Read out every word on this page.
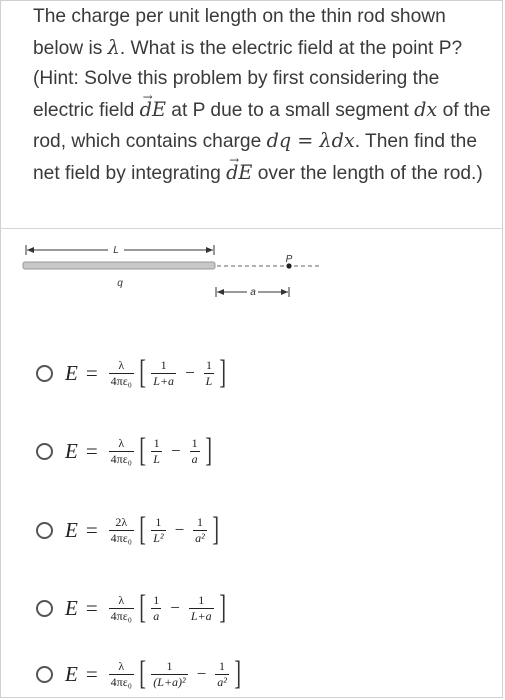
The charge per unit length on the thin rod shown below is λ. What is the electric field at the point P? (Hint: Solve this problem by first considering the electric field → dE at P due to a small segment dx of the rod, which contains charge dq = λdx. Then find the net field by integrating → dE over the length of the rod.)
L
P
q
a
$E = \frac{\lambda}{\text{4πε₀}}$ [ $\frac{1}{L+a} - \frac{1}{L}$ ]
$E = \frac{\lambda}{\text{4πε₀}}$ [ $\frac{1}{L} - \frac{1}{a}$ ]
$E = \frac{2\lambda}{\text{4πε₀}}$ [ $\frac{1}{\text{L²}} - \frac{1}{\text{a²}}$ ]
$E = \frac{\lambda}{\text{4πε₀}}$ [ $\frac{1}{a} - \frac{1}{L+a}$ ]
$E = \frac{\lambda}{\text{4πε₀}}$ [ $\frac{1}{\text{(L+a)²}} - \frac{1}{\text{a²}}$ ]
